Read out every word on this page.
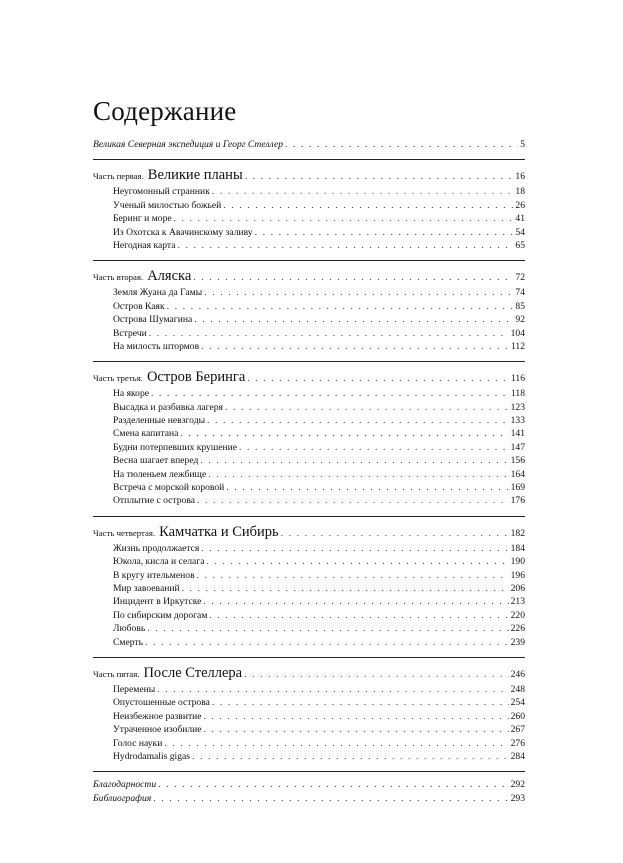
Содержание
Великая Северная экспедиция и Георг Стеллер . . .	5
Часть первая. Великие планы . . .	16
Неугомонный странник . . .	18
Ученый милостью божьей . . .	26
Беринг и море . . .	41
Из Охотска к Авачинскому заливу . . .	54
Негодная карта . . .	65
Часть вторая. Аляска . . .	72
Земля Жуана да Гамы . . .	74
Остров Каяк . . .	85
Острова Шумагина . . .	92
Встречи . . .	104
На милость штормов . . .	112
Часть третья. Остров Беринга . . .	116
На якоре . . .	118
Высадка и разбивка лагеря . . .	123
Разделенные невзгоды . . .	133
Смена капитана . . .	141
Будни потерпевших крушение . . .	147
Весна шагает вперед . . .	156
На тюленьем лежбище . . .	164
Встреча с морской коровой . . .	169
Отплытие с острова . . .	176
Часть четвертая. Камчатка и Сибирь . . .	182
Жизнь продолжается . . .	184
Юкола, кисла и селага . . .	190
В кругу ительменов . . .	196
Мир завоеваний . . .	206
Инцидент в Иркутске . . .	213
По сибирским дорогам . . .	220
Любовь . . .	226
Смерть . . .	239
Часть пятая. После Стеллера . . .	246
Перемены . . .	248
Опустошенные острова . . .	254
Неизбежное развитие . . .	260
Утраченное изобилие . . .	267
Голос науки . . .	276
Hydrodamalis gigas . . .	284
Благодарности . . .	292
Библиография . . .	293
